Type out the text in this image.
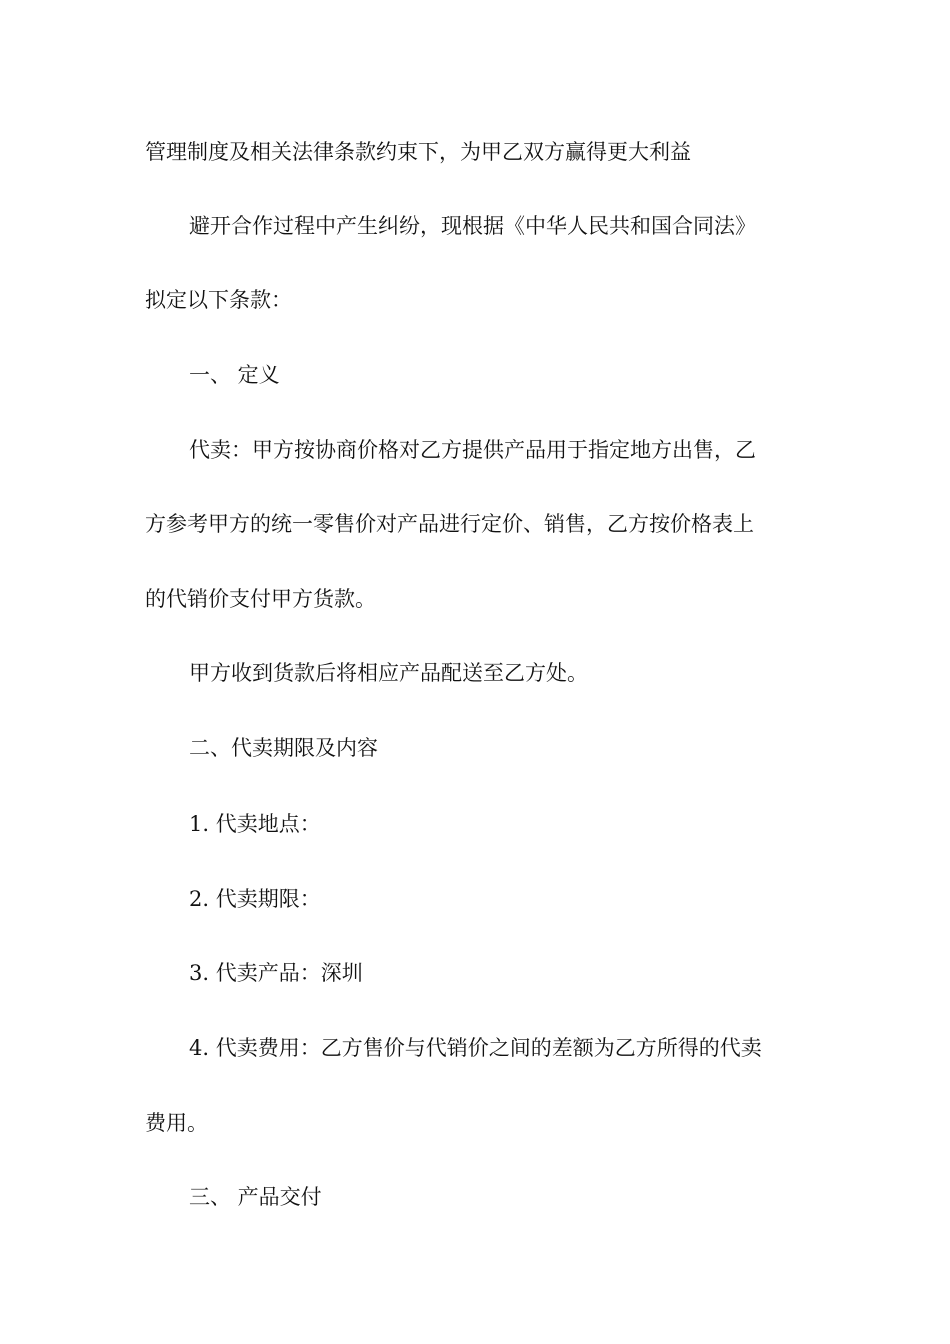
管理制度及相关法律条款约束下，为甲乙双方赢得更大利益
避开合作过程中产生纠纷，现根据《中华人民共和国合同法》
拟定以下条款：
一、 定义
代卖：甲方按协商价格对乙方提供产品用于指定地方出售，乙
方参考甲方的统一零售价对产品进行定价、销售，乙方按价格表上
的代销价支付甲方货款。
甲方收到货款后将相应产品配送至乙方处。
二、代卖期限及内容
1. 代卖地点：
2. 代卖期限：
3. 代卖产品：深圳
4. 代卖费用：乙方售价与代销价之间的差额为乙方所得的代卖
费用。
三、 产品交付
